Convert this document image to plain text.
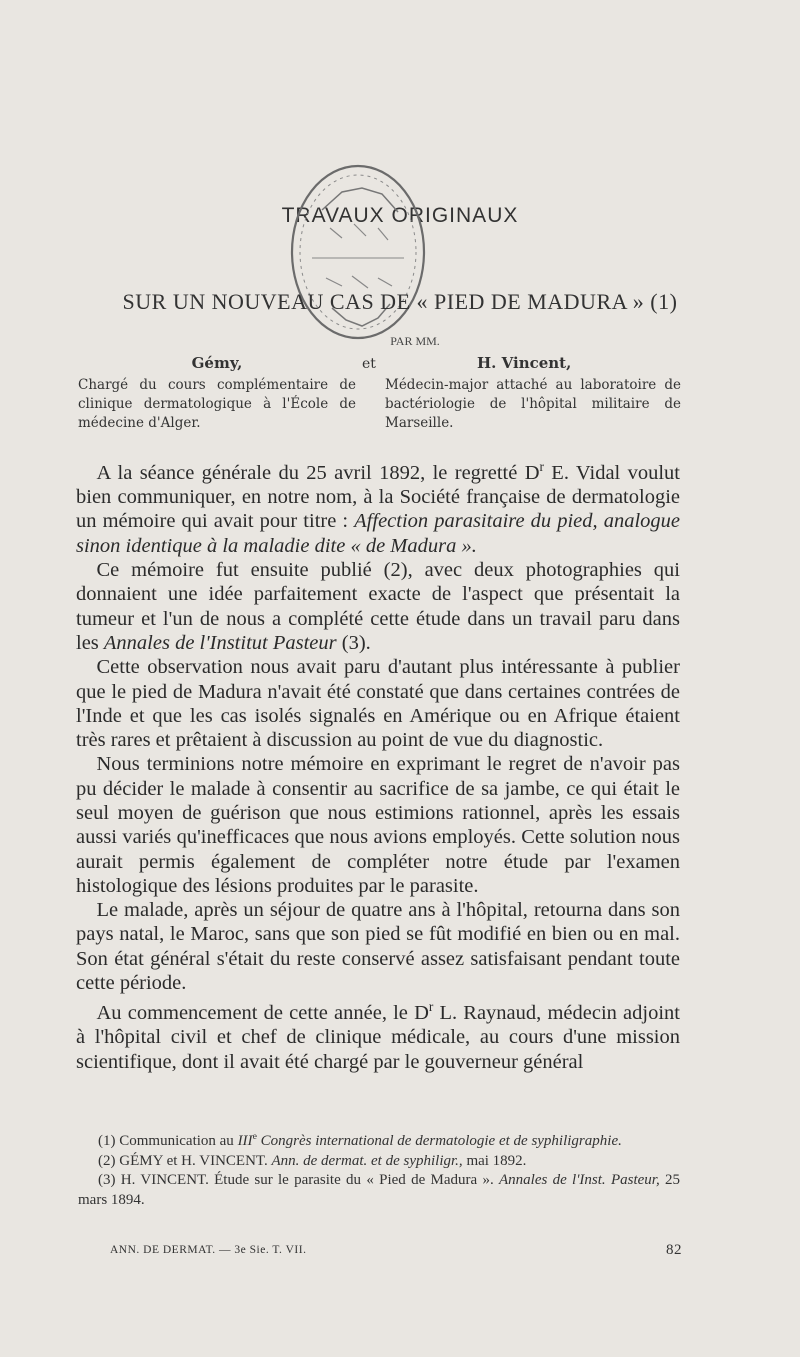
TRAVAUX ORIGINAUX
SUR UN NOUVEAU CAS DE « PIED DE MADURA » (1)
PAR MM.
Gémy,
Chargé du cours complémentaire de clinique dermatologique à l'École de médecine d'Alger.
et	H. Vincent,
Médecin-major attaché au laboratoire de bactériologie de l'hôpital militaire de Marseille.

 A la séance générale du 25 avril 1892, le regretté $D^r$ E. Vidal voulut bien communiquer, en notre nom, à la Société française de dermatologie un mémoire qui avait pour titre : Affection parasitaire du pied, analogue sinon identique à la maladie dite « de Madura ».

 Ce mémoire fut ensuite publié (2), avec deux photographies qui donnaient une idée parfaitement exacte de l'aspect que présentait la tumeur et l'un de nous a complété cette étude dans un travail paru dans les Annales de l'Institut Pasteur (3).

 Cette observation nous avait paru d'autant plus intéressante à publier que le pied de Madura n'avait été constaté que dans certaines contrées de l'Inde et que les cas isolés signalés en Amérique ou en Afrique étaient très rares et prêtaient à discussion au point de vue du diagnostic.

 Nous terminions notre mémoire en exprimant le regret de n'avoir pas pu décider le malade à consentir au sacrifice de sa jambe, ce qui était le seul moyen de guérison que nous estimions rationnel, après les essais aussi variés qu'inefficaces que nous avions employés. Cette solution nous aurait permis également de compléter notre étude par l'examen histologique des lésions produites par le parasite.

 Le malade, après un séjour de quatre ans à l'hôpital, retourna dans son pays natal, le Maroc, sans que son pied se fût modifié en bien ou en mal. Son état général s'était du reste conservé assez satisfaisant pendant toute cette période.

 Au commencement de cette année, le $D^r$ L. Raynaud, médecin adjoint à l'hôpital civil et chef de clinique médicale, au cours d'une mission scientifique, dont il avait été chargé par le gouverneur général

(1) Communication au IIIe Congrès international de dermatologie et de syphiligraphie.

(2) GÉMY et H. VINCENT. Ann. de dermat. et de syphiligr., mai 1892.

(3) H. VINCENT. Étude sur le parasite du « Pied de Madura ». Annales de l'Inst. Pasteur, 25 mars 1894.

ANN. DE DERMAT. — 3e Sie. T. VII.	82
